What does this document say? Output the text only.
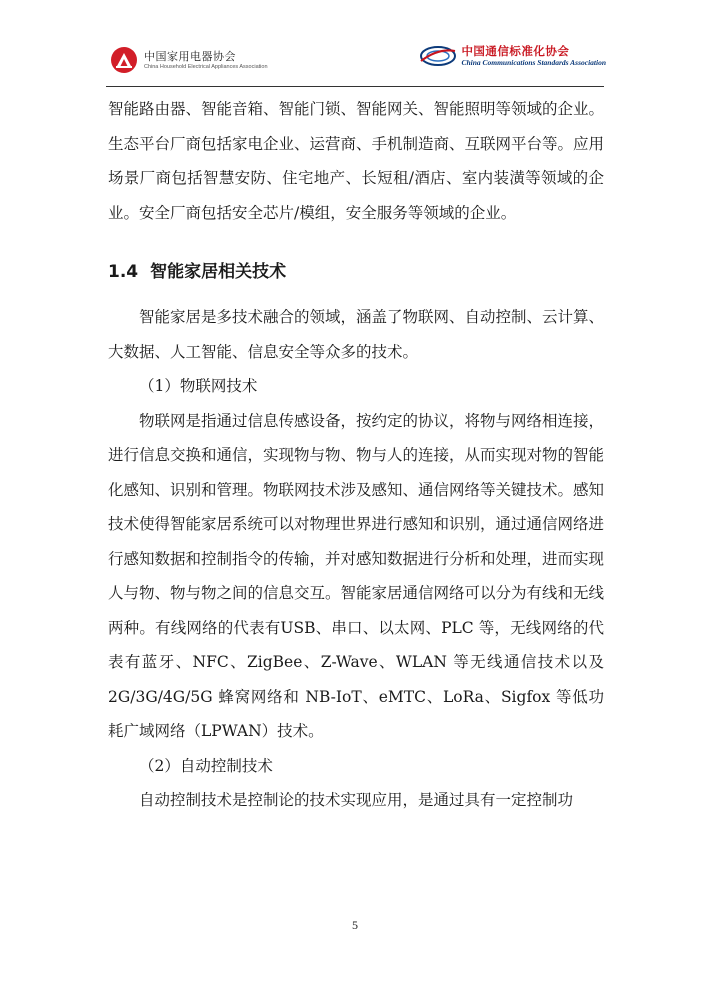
中国家用电器协会
China Household Electrical Appliances Association
中国通信标准化协会
China Communications Standards Association

智能路由器、智能音箱、智能门锁、智能网关、智能照明等领域的企业。生态平台厂商包括家电企业、运营商、手机制造商、互联网平台等。应用场景厂商包括智慧安防、住宅地产、长短租/酒店、室内装潢等领域的企业。安全厂商包括安全芯片/模组，安全服务等领域的企业。

1.4 智能家居相关技术

智能家居是多技术融合的领域，涵盖了物联网、自动控制、云计算、大数据、人工智能、信息安全等众多的技术。

（1）物联网技术

物联网是指通过信息传感设备，按约定的协议，将物与网络相连接，进行信息交换和通信，实现物与物、物与人的连接，从而实现对物的智能化感知、识别和管理。物联网技术涉及感知、通信网络等关键技术。感知技术使得智能家居系统可以对物理世界进行感知和识别，通过通信网络进行感知数据和控制指令的传输，并对感知数据进行分析和处理，进而实现人与物、物与物之间的信息交互。智能家居通信网络可以分为有线和无线两种。有线网络的代表有USB、串口、以太网、PLC 等，无线网络的代表有蓝牙、NFC、ZigBee、Z-Wave、WLAN 等无线通信技术以及 2G/3G/4G/5G 蜂窝网络和 NB-IoT、eMTC、LoRa、Sigfox 等低功耗广域网络（LPWAN）技术。

（2）自动控制技术

自动控制技术是控制论的技术实现应用，是通过具有一定控制功

5
